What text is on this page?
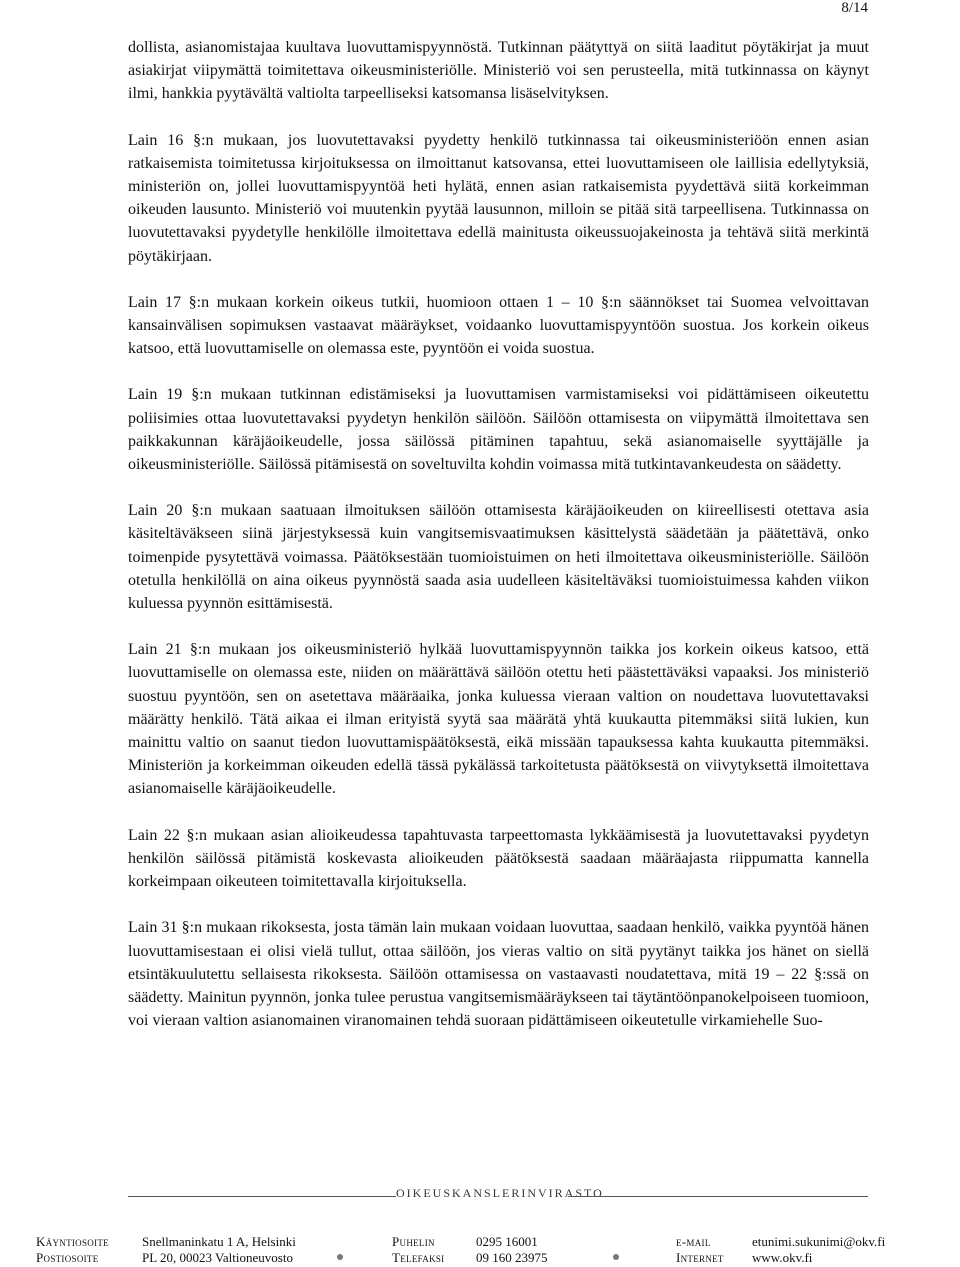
8/14

dollista, asianomistajaa kuultava luovuttamispyynnöstä. Tutkinnan päätyttyä on siitä laaditut pöytäkirjat ja muut asiakirjat viipymättä toimitettava oikeusministeriölle. Ministeriö voi sen perusteella, mitä tutkinnassa on käynyt ilmi, hankkia pyytävältä valtiolta tarpeelliseksi katsomansa lisäselvityksen.

Lain 16 §:n mukaan, jos luovutettavaksi pyydetty henkilö tutkinnassa tai oikeusministeriöön ennen asian ratkaisemista toimitetussa kirjoituksessa on ilmoittanut katsovansa, ettei luovuttamiseen ole laillisia edellytyksiä, ministeriön on, jollei luovuttamispyyntöä heti hylätä, ennen asian ratkaisemista pyydettävä siitä korkeimman oikeuden lausunto. Ministeriö voi muutenkin pyytää lausunnon, milloin se pitää sitä tarpeellisena. Tutkinnassa on luovutettavaksi pyydetylle henkilölle ilmoitettava edellä mainitusta oikeussuojakeinosta ja tehtävä siitä merkintä pöytäkirjaan.

Lain 17 §:n mukaan korkein oikeus tutkii, huomioon ottaen 1 – 10 §:n säännökset tai Suomea velvoittavan kansainvälisen sopimuksen vastaavat määräykset, voidaanko luovuttamispyyntöön suostua. Jos korkein oikeus katsoo, että luovuttamiselle on olemassa este, pyyntöön ei voida suostua.

Lain 19 §:n mukaan tutkinnan edistämiseksi ja luovuttamisen varmistamiseksi voi pidättämiseen oikeutettu poliisimies ottaa luovutettavaksi pyydetyn henkilön säilöön. Säilöön ottamisesta on viipymättä ilmoitettava sen paikkakunnan käräjäoikeudelle, jossa säilössä pitäminen tapahtuu, sekä asianomaiselle syyttäjälle ja oikeusministeriölle. Säilössä pitämisestä on soveltuvilta kohdin voimassa mitä tutkintavankeudesta on säädetty.

Lain 20 §:n mukaan saatuaan ilmoituksen säilöön ottamisesta käräjäoikeuden on kiireellisesti otettava asia käsiteltäväkseen siinä järjestyksessä kuin vangitsemisvaatimuksen käsittelystä säädetään ja päätettävä, onko toimenpide pysytettävä voimassa. Päätöksestään tuomioistuimen on heti ilmoitettava oikeusministeriölle. Säilöön otetulla henkilöllä on aina oikeus pyynnöstä saada asia uudelleen käsiteltäväksi tuomioistuimessa kahden viikon kuluessa pyynnön esittämisestä.

Lain 21 §:n mukaan jos oikeusministeriö hylkää luovuttamispyynnön taikka jos korkein oikeus katsoo, että luovuttamiselle on olemassa este, niiden on määrättävä säilöön otettu heti päästettäväksi vapaaksi. Jos ministeriö suostuu pyyntöön, sen on asetettava määräaika, jonka kuluessa vieraan valtion on noudettava luovutettavaksi määrätty henkilö. Tätä aikaa ei ilman erityistä syytä saa määrätä yhtä kuukautta pitemmäksi siitä lukien, kun mainittu valtio on saanut tiedon luovuttamispäätöksestä, eikä missään tapauksessa kahta kuukautta pitemmäksi. Ministeriön ja korkeimman oikeuden edellä tässä pykälässä tarkoitetusta päätöksestä on viivytyksettä ilmoitettava asianomaiselle käräjäoikeudelle.

Lain 22 §:n mukaan asian alioikeudessa tapahtuvasta tarpeettomasta lykkäämisestä ja luovutettavaksi pyydetyn henkilön säilössä pitämistä koskevasta alioikeuden päätöksestä saadaan määräajasta riippumatta kannella korkeimpaan oikeuteen toimitettavalla kirjoituksella.

Lain 31 §:n mukaan rikoksesta, josta tämän lain mukaan voidaan luovuttaa, saadaan henkilö, vaikka pyyntöä hänen luovuttamisestaan ei olisi vielä tullut, ottaa säilöön, jos vieras valtio on sitä pyytänyt taikka jos hänet on siellä etsintäkuulutettu sellaisesta rikoksesta. Säilöön ottamisessa on vastaavasti noudatettava, mitä 19 – 22 §:ssä on säädetty. Mainitun pyynnön, jonka tulee perustua vangitsemismääräykseen tai täytäntöönpanokelpoiseen tuomioon, voi vieraan valtion asianomainen viranomainen tehdä suoraan pidättämiseen oikeutetulle virkamiehelle Suo-

OIKEUSKANSLERINVIRASTO
Käyntiosoite	Snellmaninkatu 1 A, Helsinki	Puhelin	0295 16001	e-mail	etunimi.sukunimi@okv.fi
Postiosoite	PL 20, 00023 Valtioneuvosto	Telefaksi 09 160 23975	Internet www.okv.fi
